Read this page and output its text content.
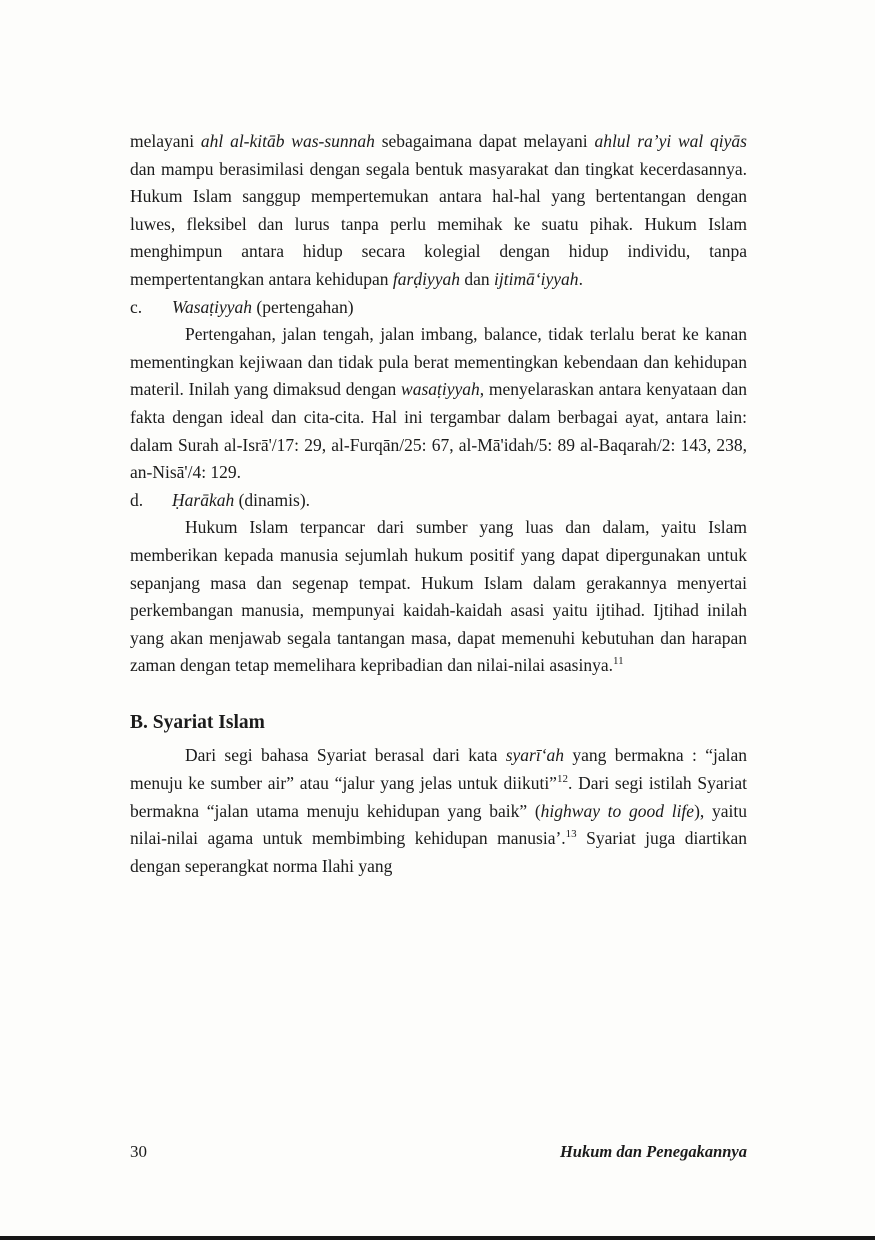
melayani ahl al-kitāb was-sunnah sebagaimana dapat melayani ahlul ra’yi wal qiyās dan mampu berasimilasi dengan segala bentuk masyarakat dan tingkat kecerdasannya. Hukum Islam sanggup mempertemukan antara hal-hal yang bertentangan dengan luwes, fleksibel dan lurus tanpa perlu memihak ke suatu pihak. Hukum Islam menghimpun antara hidup secara kolegial dengan hidup individu, tanpa mempertentangkan antara kehidupan farḍiyyah dan ijtimā‘iyyah.

c. Wasaṭiyyah (pertengahan)

Pertengahan, jalan tengah, jalan imbang, balance, tidak terlalu berat ke kanan mementingkan kejiwaan dan tidak pula berat mementingkan kebendaan dan kehidupan materil. Inilah yang dimaksud dengan wasaṭiyyah, menyelaraskan antara kenyataan dan fakta dengan ideal dan cita-cita. Hal ini tergambar dalam berbagai ayat, antara lain: dalam Surah al-Isrā'/17: 29, al-Furqān/25: 67, al-Mā'idah/5: 89 al-Baqarah/2: 143, 238, an-Nisā'/4: 129.

d. Ḥarākah (dinamis).

Hukum Islam terpancar dari sumber yang luas dan dalam, yaitu Islam memberikan kepada manusia sejumlah hukum positif yang dapat dipergunakan untuk sepanjang masa dan segenap tempat. Hukum Islam dalam gerakannya menyertai perkembangan manusia, mempunyai kaidah-kaidah asasi yaitu ijtihad. Ijtihad inilah yang akan menjawab segala tantangan masa, dapat memenuhi kebutuhan dan harapan zaman dengan tetap memelihara kepribadian dan nilai-nilai asasinya.$^{11}$

B. Syariat Islam

Dari segi bahasa Syariat berasal dari kata syarī‘ah yang bermakna : “jalan menuju ke sumber air” atau “jalur yang jelas untuk diikuti”$^{12}$. Dari segi istilah Syariat bermakna “jalan utama menuju kehidupan yang baik” (highway to good life), yaitu nilai-nilai agama untuk membimbing kehidupan manusia’.$^{13}$ Syariat juga diartikan dengan seperangkat norma Ilahi yang

30	Hukum dan Penegakannya
